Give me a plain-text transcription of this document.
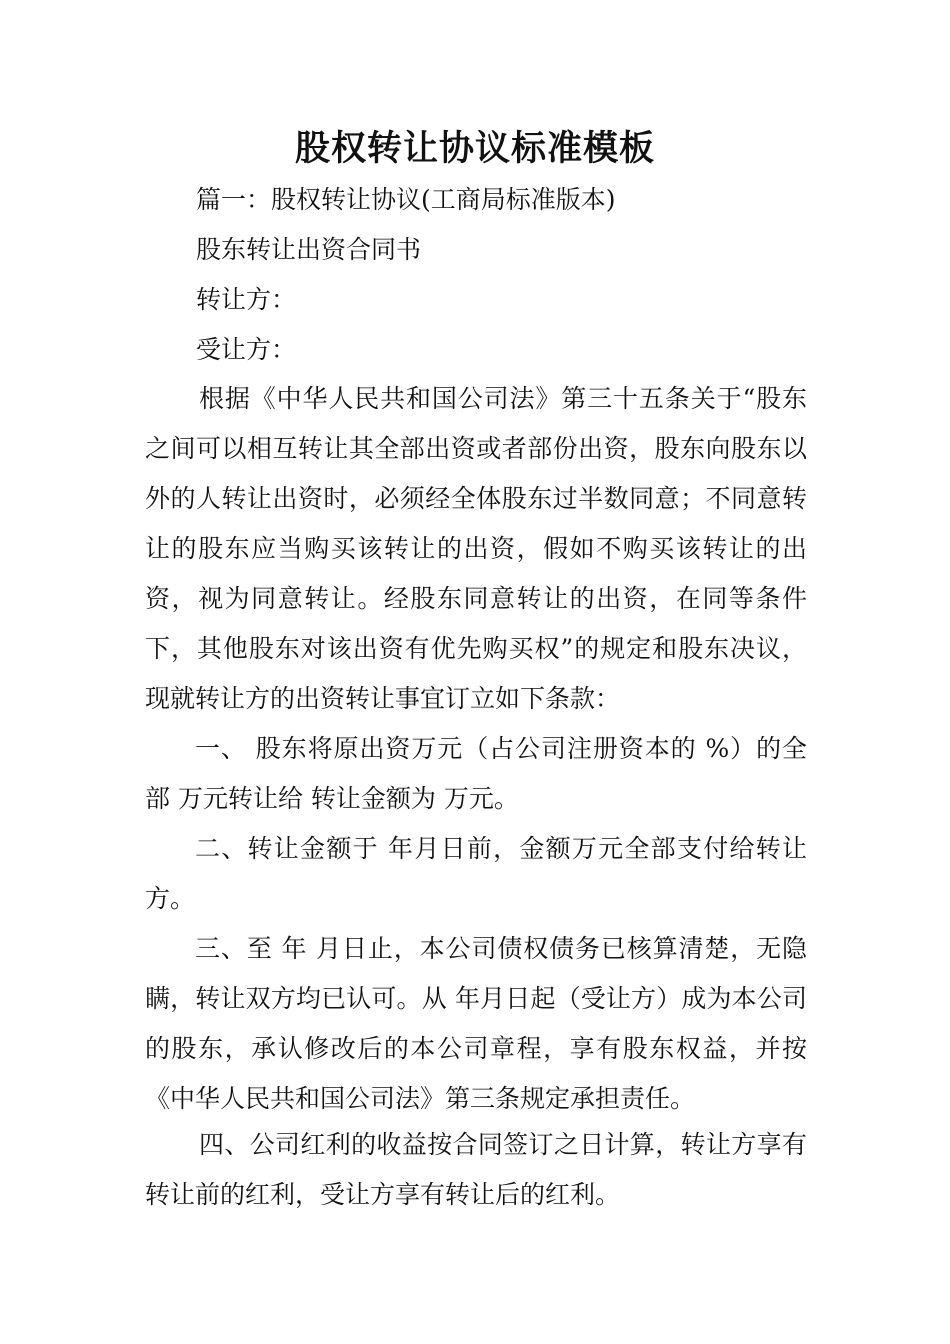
股权转让协议标准模板

篇一：股权转让协议(工商局标准版本)

股东转让出资合同书

转让方：

受让方：

根据《中华人民共和国公司法》第三十五条关于“股东之间可以相互转让其全部出资或者部份出资，股东向股东以外的人转让出资时，必须经全体股东过半数同意；不同意转让的股东应当购买该转让的出资，假如不购买该转让的出资，视为同意转让。经股东同意转让的出资，在同等条件下，其他股东对该出资有优先购买权”的规定和股东决议，现就转让方的出资转让事宜订立如下条款：

一、 股东将原出资万元（占公司注册资本的 %）的全部 万元转让给 转让金额为 万元。

二、转让金额于 年月日前，金额万元全部支付给转让方。

三、至 年 月日止，本公司债权债务已核算清楚，无隐瞒，转让双方均已认可。从 年月日起（受让方）成为本公司的股东，承认修改后的本公司章程，享有股东权益，并按《中华人民共和国公司法》第三条规定承担责任。

四、公司红利的收益按合同签订之日计算，转让方享有转让前的红利，受让方享有转让后的红利。
